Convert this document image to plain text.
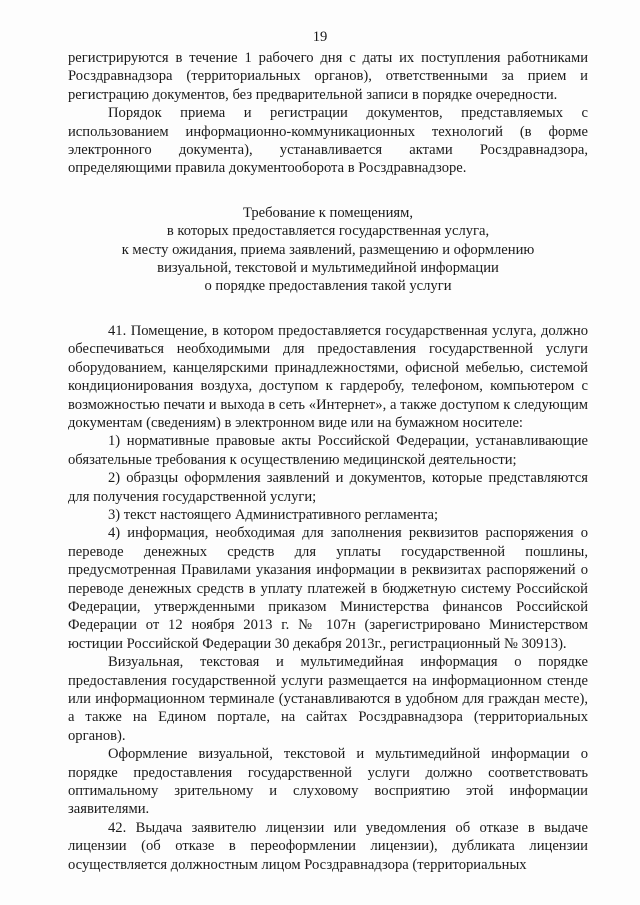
19

регистрируются в течение 1 рабочего дня с даты их поступления работниками Росздравнадзора (территориальных органов), ответственными за прием и регистрацию документов, без предварительной записи в порядке очередности.

Порядок приема и регистрации документов, представляемых с использованием информационно-коммуникационных технологий (в форме электронного документа), устанавливается актами Росздравнадзора, определяющими правила документооборота в Росздравнадзоре.

Требование к помещениям,
в которых предоставляется государственная услуга,
к месту ожидания, приема заявлений, размещению и оформлению
визуальной, текстовой и мультимедийной информации
о порядке предоставления такой услуги

41. Помещение, в котором предоставляется государственная услуга, должно обеспечиваться необходимыми для предоставления государственной услуги оборудованием, канцелярскими принадлежностями, офисной мебелью, системой кондиционирования воздуха, доступом к гардеробу, телефоном, компьютером с возможностью печати и выхода в сеть «Интернет», а также доступом к следующим документам (сведениям) в электронном виде или на бумажном носителе:

1) нормативные правовые акты Российской Федерации, устанавливающие обязательные требования к осуществлению медицинской деятельности;

2) образцы оформления заявлений и документов, которые представляются для получения государственной услуги;

3) текст настоящего Административного регламента;

4) информация, необходимая для заполнения реквизитов распоряжения о переводе денежных средств для уплаты государственной пошлины, предусмотренная Правилами указания информации в реквизитах распоряжений о переводе денежных средств в уплату платежей в бюджетную систему Российской Федерации, утвержденными приказом Министерства финансов Российской Федерации от 12 ноября 2013 г. № 107н (зарегистрировано Министерством юстиции Российской Федерации 30 декабря 2013г., регистрационный № 30913).

Визуальная, текстовая и мультимедийная информация о порядке предоставления государственной услуги размещается на информационном стенде или информационном терминале (устанавливаются в удобном для граждан месте), а также на Едином портале, на сайтах Росздравнадзора (территориальных органов).

Оформление визуальной, текстовой и мультимедийной информации о порядке предоставления государственной услуги должно соответствовать оптимальному зрительному и слуховому восприятию этой информации заявителями.

42. Выдача заявителю лицензии или уведомления об отказе в выдаче лицензии (об отказе в переоформлении лицензии), дубликата лицензии осуществляется должностным лицом Росздравнадзора (территориальных
